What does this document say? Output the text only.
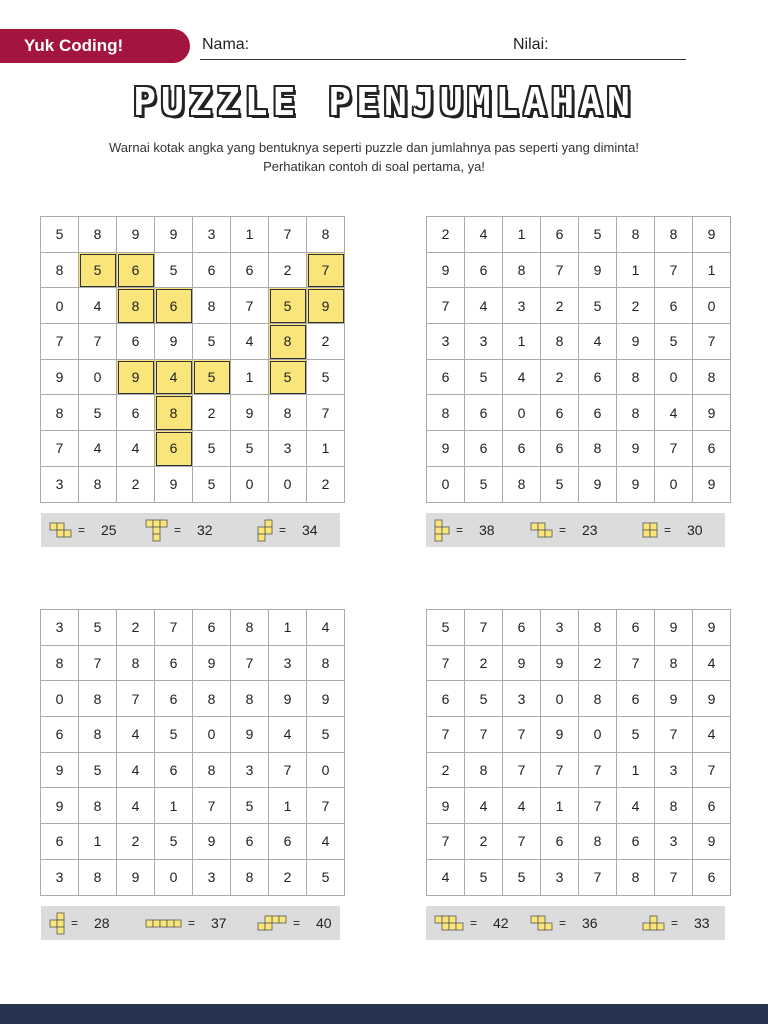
Yuk Coding!	Nama:	Nilai:
PUZZLE PENJUMLAHAN
Warnai kotak angka yang bentuknya seperti puzzle dan jumlahnya pas seperti yang diminta!
Perhatikan contoh di soal pertama, ya!
5	8	9	9	3	1	7	8
8	5	6	5	6	6	2	7
0	4	8	6	8	7	5	9
7	7	6	9	5	4	8	2
9	0	9	4	5	1	5	5
8	5	6	8	2	9	8	7
7	4	4	6	5	5	3	1
3	8	2	9	5	0	0	2
2	4	1	6	5	8	8	9
9	6	8	7	9	1	7	1
7	4	3	2	5	2	6	0
3	3	1	8	4	9	5	7
6	5	4	2	6	8	0	8
8	6	0	6	6	8	4	9
9	6	6	6	8	9	7	6
0	5	8	5	9	9	0	9
3	5	2	7	6	8	1	4
8	7	8	6	9	7	3	8
0	8	7	6	8	8	9	9
6	8	4	5	0	9	4	5
9	5	4	6	8	3	7	0
9	8	4	1	7	5	1	7
6	1	2	5	9	6	6	4
3	8	9	0	3	8	2	5
5	7	6	3	8	6	9	9
7	2	9	9	2	7	8	4
6	5	3	0	8	6	9	9
7	7	7	9	0	5	7	4
2	8	7	7	7	1	3	7
9	4	4	1	7	4	8	6
7	2	7	6	8	6	3	9
4	5	5	3	7	8	7	6
= 25	= 32	= 34	= 38	= 23	= 30
= 28	= 37	= 40	= 42	= 36	= 33
